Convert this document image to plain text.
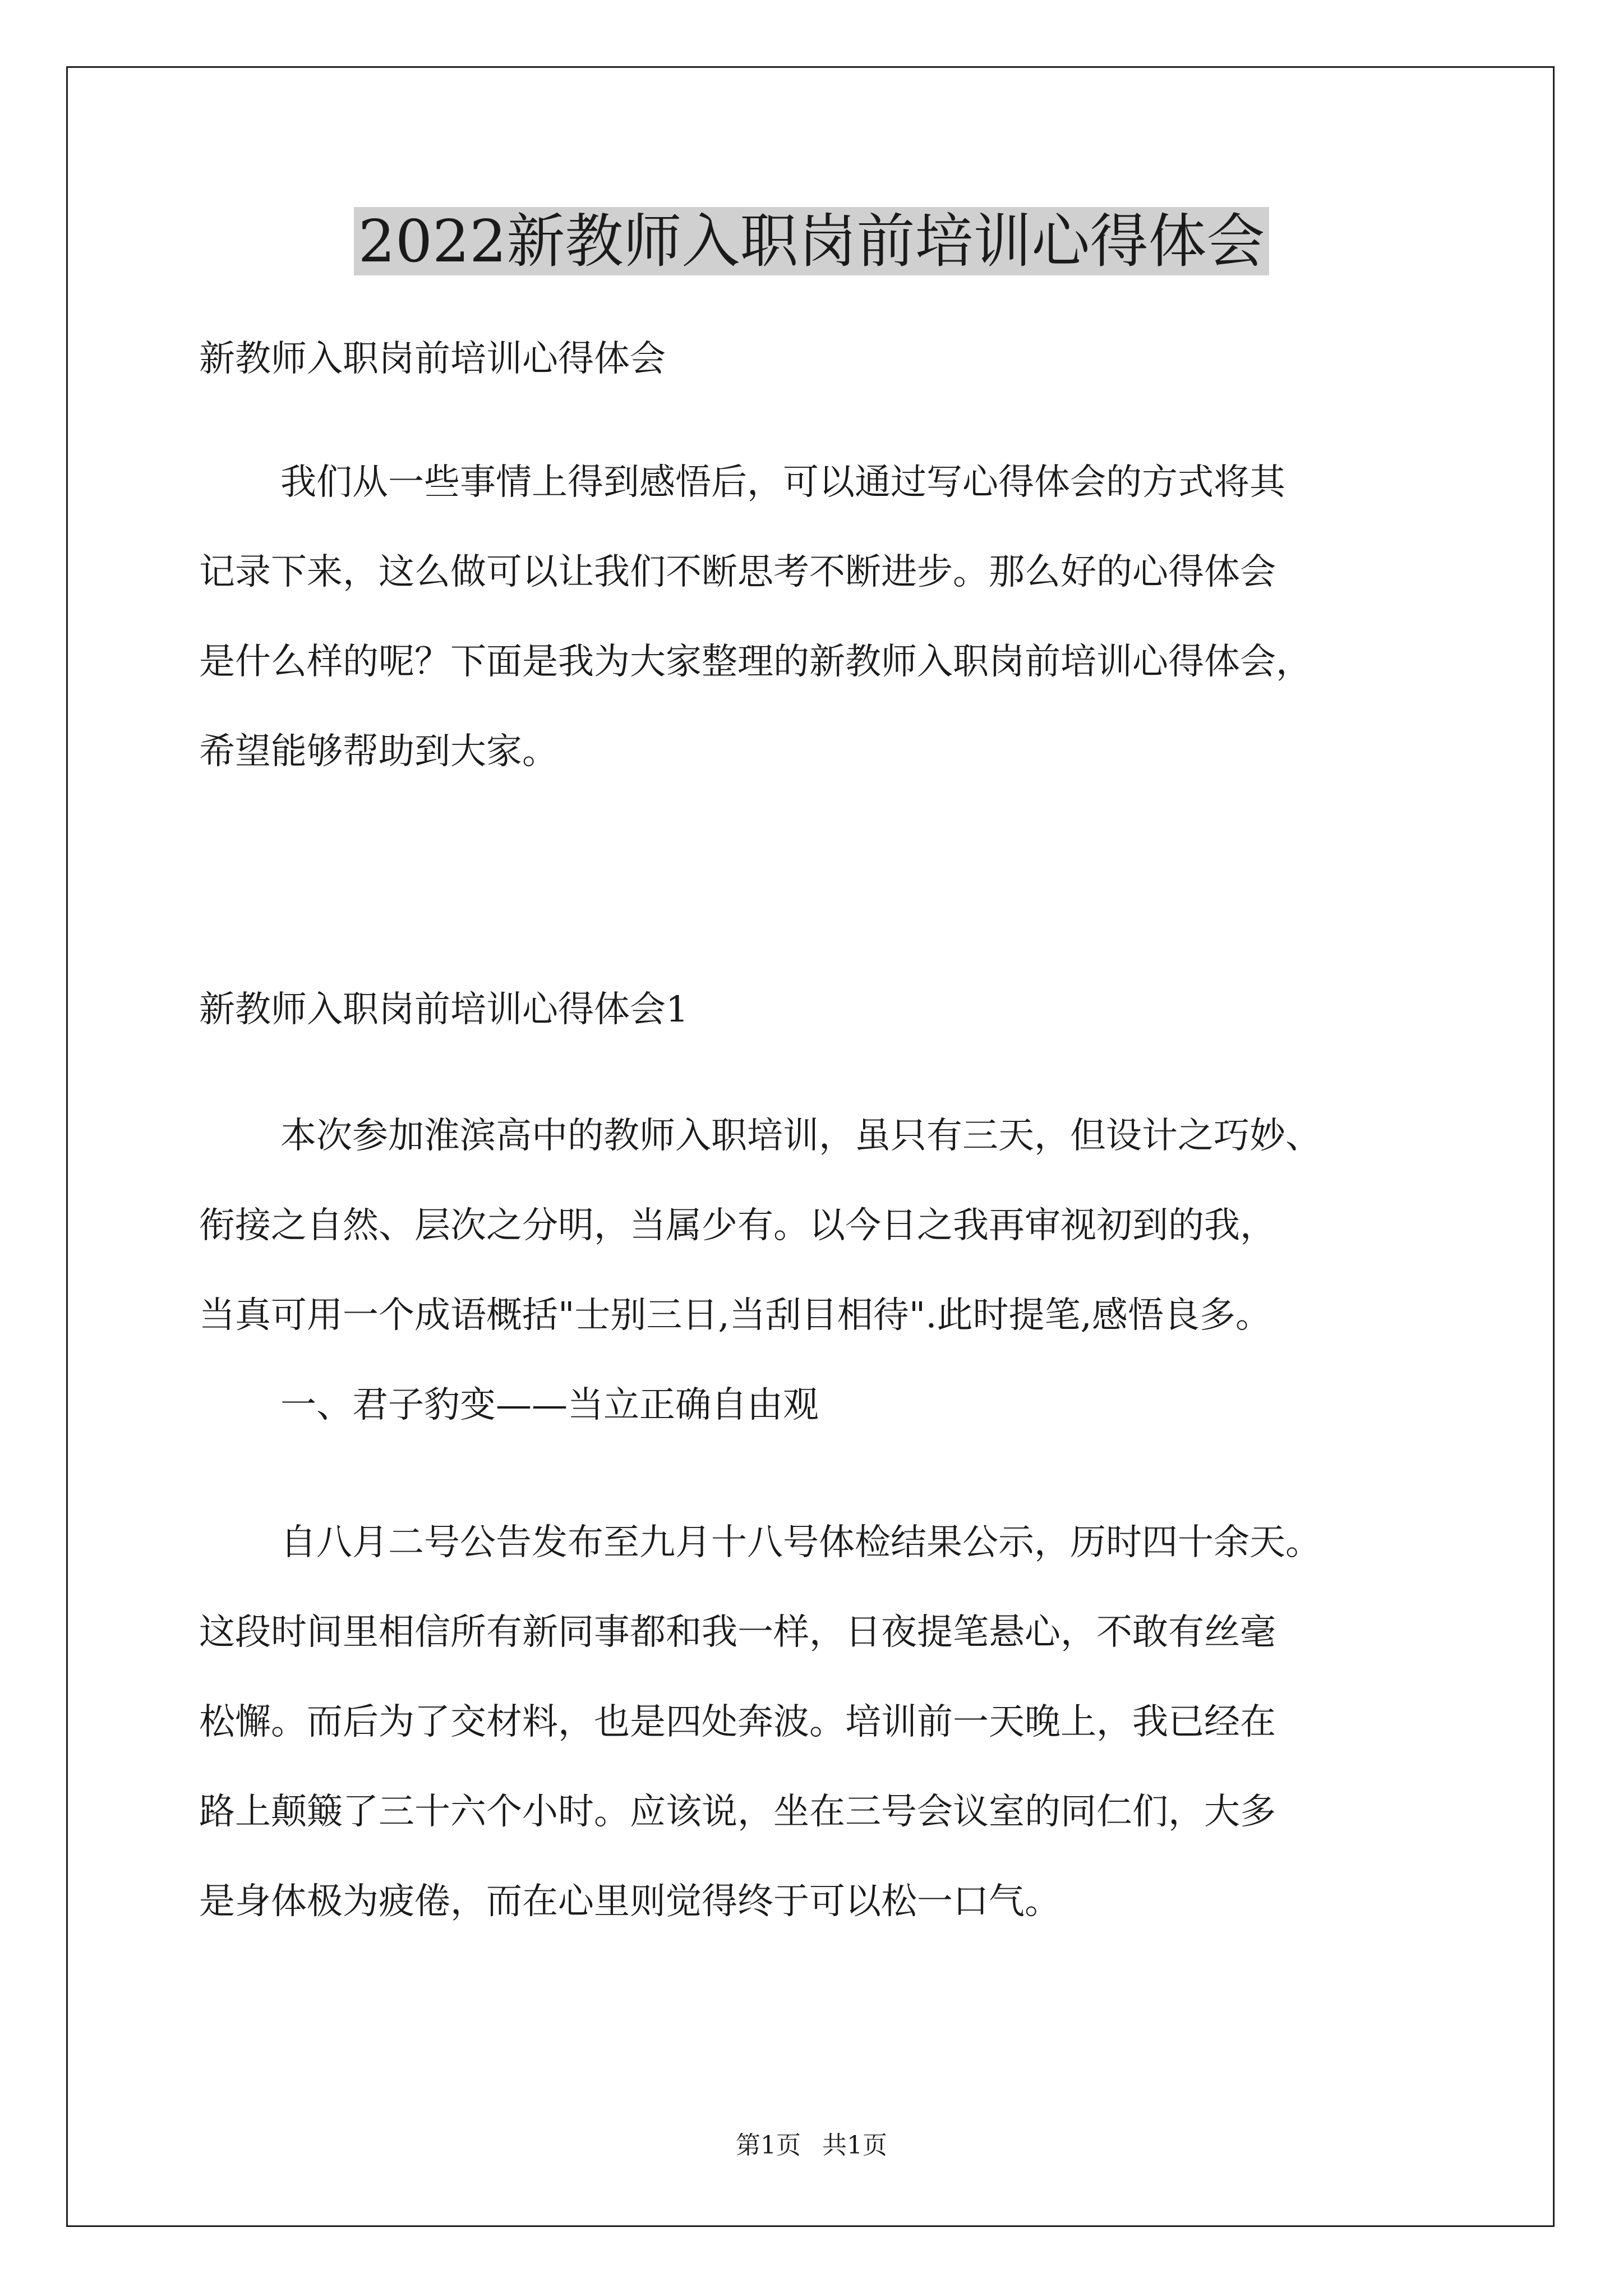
2022新教师入职岗前培训心得体会

新教师入职岗前培训心得体会

我们从一些事情上得到感悟后，可以通过写心得体会的方式将其
记录下来，这么做可以让我们不断思考不断进步。那么好的心得体会
是什么样的呢？下面是我为大家整理的新教师入职岗前培训心得体会，
希望能够帮助到大家。

新教师入职岗前培训心得体会1

本次参加淮滨高中的教师入职培训，虽只有三天，但设计之巧妙、
衔接之自然、层次之分明，当属少有。以今日之我再审视初到的我，
当真可用一个成语概括"士别三日,当刮目相待".此时提笔,感悟良多。

一、君子豹变——当立正确自由观

自八月二号公告发布至九月十八号体检结果公示，历时四十余天。
这段时间里相信所有新同事都和我一样，日夜提笔悬心，不敢有丝毫
松懈。而后为了交材料，也是四处奔波。培训前一天晚上，我已经在
路上颠簸了三十六个小时。应该说，坐在三号会议室的同仁们，大多
是身体极为疲倦，而在心里则觉得终于可以松一口气。
第1页 共1页
